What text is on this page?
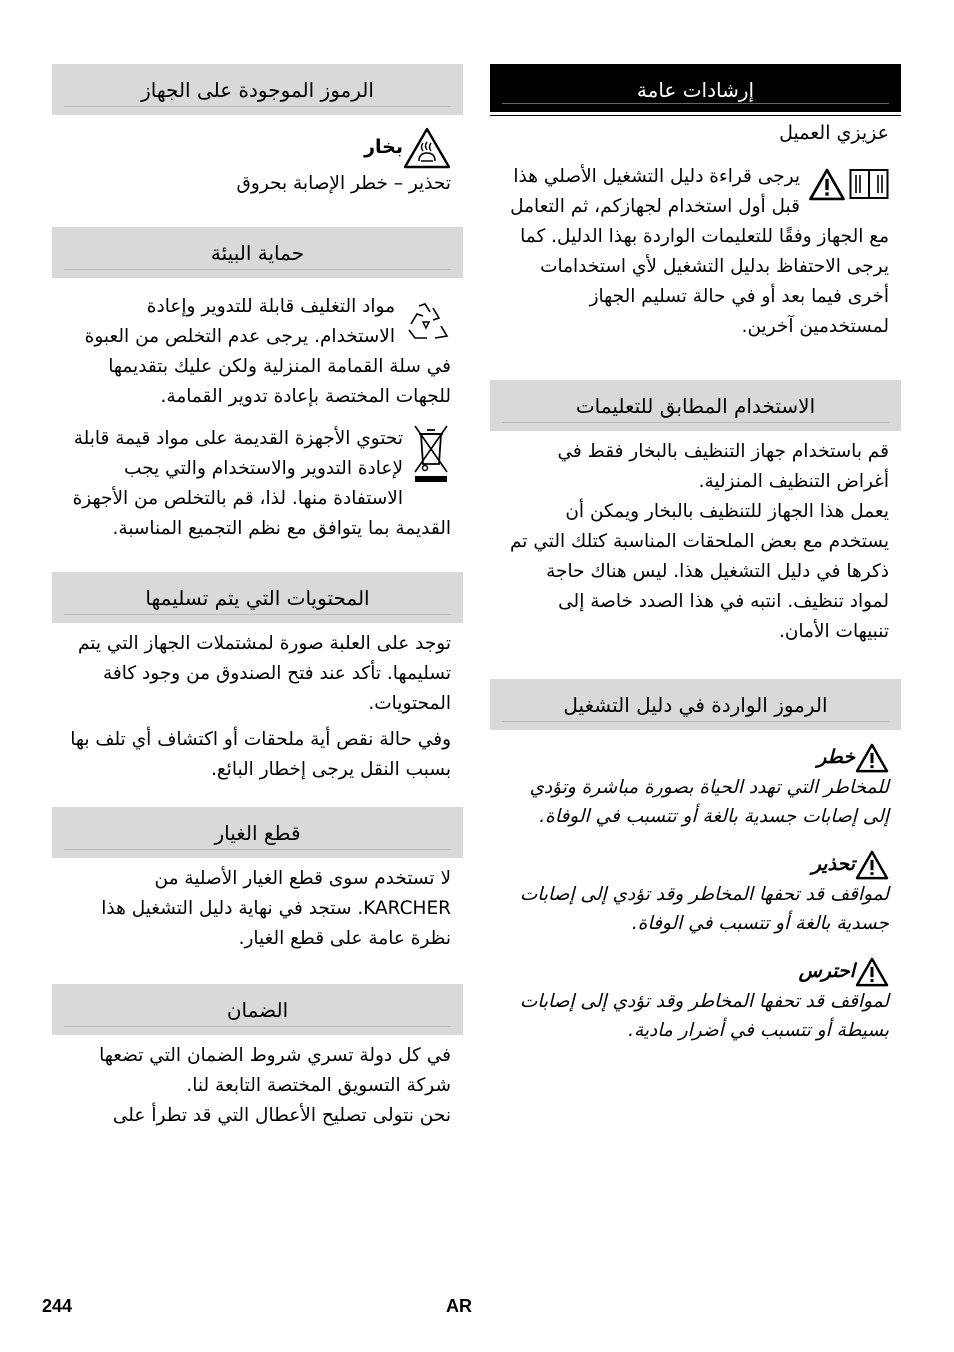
إرشادات عامة

عزيزي العميل

يرجى قراءة دليل التشغيل الأصلي هذا قبل أول استخدام لجهازكم، ثم التعامل مع الجهاز وفقًا للتعليمات الواردة بهذا الدليل. كما يرجى الاحتفاظ بدليل التشغيل لأي استخدامات أخرى فيما بعد أو في حالة تسليم الجهاز لمستخدمين آخرين.

الاستخدام المطابق للتعليمات

قم باستخدام جهاز التنظيف بالبخار فقط في أغراض التنظيف المنزلية.

يعمل هذا الجهاز للتنظيف بالبخار ويمكن أن يستخدم مع بعض الملحقات المناسبة كتلك التي تم ذكرها في دليل التشغيل هذا. ليس هناك حاجة لمواد تنظيف. انتبه في هذا الصدد خاصة إلى تنبيهات الأمان.

الرموز الواردة في دليل التشغيل
خطر

للمخاطر التي تهدد الحياة بصورة مباشرة وتؤدي إلى إصابات جسدية بالغة أو تتسبب في الوفاة.

تحذير

لمواقف قد تحفها المخاطر وقد تؤدي إلى إصابات جسدية بالغة أو تتسبب في الوفاة.

احترس

لمواقف قد تحفها المخاطر وقد تؤدي إلى إصابات بسيطة أو تتسبب في أضرار مادية.

الرموز الموجودة على الجهاز
بخار

تحذير – خطر الإصابة بحروق

حماية البيئة

مواد التغليف قابلة للتدوير وإعادة الاستخدام. يرجى عدم التخلص من العبوة في سلة القمامة المنزلية ولكن عليك بتقديمها للجهات المختصة بإعادة تدوير القمامة.

تحتوي الأجهزة القديمة على مواد قيمة قابلة لإعادة التدوير والاستخدام والتي يجب الاستفادة منها. لذا، قم بالتخلص من الأجهزة القديمة بما يتوافق مع نظم التجميع المناسبة.

المحتويات التي يتم تسليمها

توجد على العلبة صورة لمشتملات الجهاز التي يتم تسليمها. تأكد عند فتح الصندوق من وجود كافة المحتويات.

وفي حالة نقص أية ملحقات أو اكتشاف أي تلف بها بسبب النقل يرجى إخطار البائع.

قطع الغيار

لا تستخدم سوى قطع الغيار الأصلية من KARCHER. ستجد في نهاية دليل التشغيل هذا نظرة عامة على قطع الغيار.

الضمان

في كل دولة تسري شروط الضمان التي تضعها شركة التسويق المختصة التابعة لنا.

نحن نتولى تصليح الأعطال التي قد تطرأ على

244	AR
